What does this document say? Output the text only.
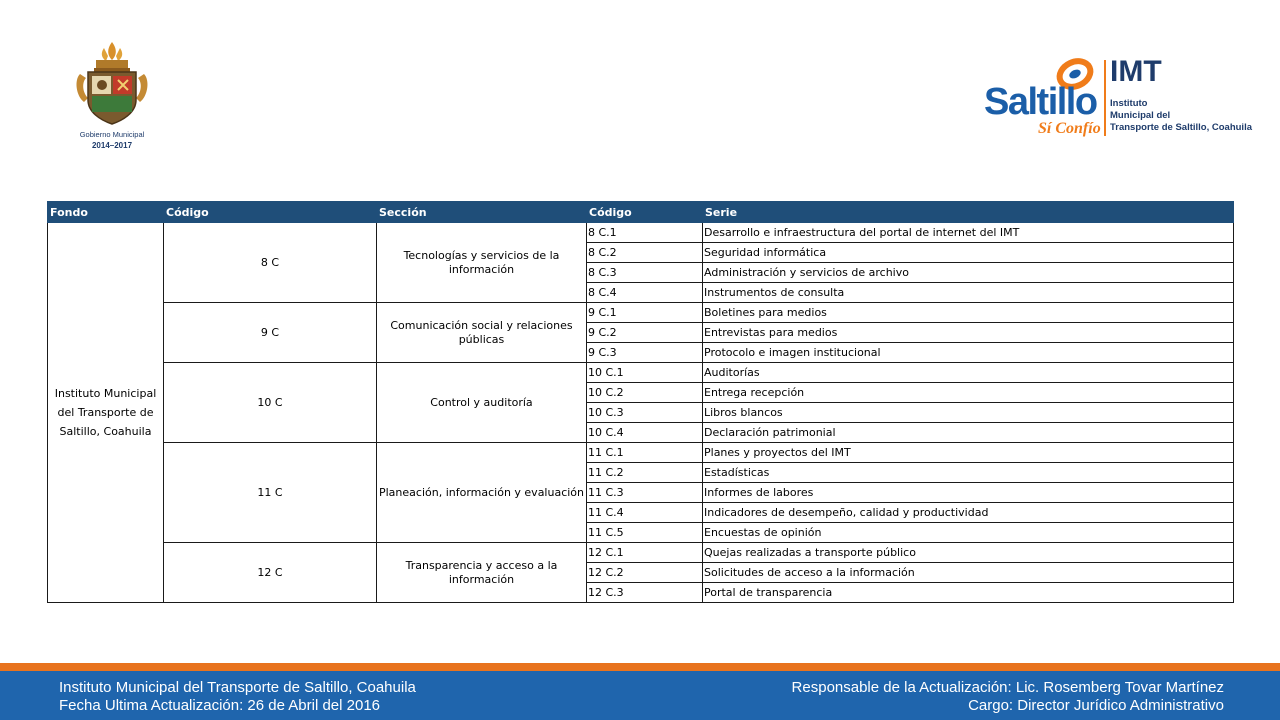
Gobierno Municipal
2014–2017
Saltillo
Sí Confío
IMT
Instituto
Municipal del
Transporte de Saltillo, Coahuila
Fondo	Código	Sección	Código	Serie
Instituto Municipal del Transporte de Saltillo, Coahuila	8 C	Tecnologías y servicios de la información	8 C.1	Desarrollo e infraestructura del portal de internet del IMT
			8 C.2	Seguridad informática
			8 C.3	Administración y servicios de archivo
			8 C.4	Instrumentos de consulta
	9 C	Comunicación social y relaciones públicas	9 C.1	Boletines para medios
			9 C.2	Entrevistas para medios
			9 C.3	Protocolo e imagen institucional
	10 C	Control y auditoría	10 C.1	Auditorías
			10 C.2	Entrega recepción
			10 C.3	Libros blancos
			10 C.4	Declaración patrimonial
	11 C	Planeación, información y evaluación	11 C.1	Planes y proyectos del IMT
			11 C.2	Estadísticas
			11 C.3	Informes de labores
			11 C.4	Indicadores de desempeño, calidad y productividad
			11 C.5	Encuestas de opinión
	12 C	Transparencia y acceso a la información	12 C.1	Quejas realizadas a transporte público
			12 C.2	Solicitudes de acceso a la información
			12 C.3	Portal de transparencia
Instituto Municipal del Transporte de Saltillo, Coahuila
Fecha Ultima Actualización: 26 de Abril del 2016
Responsable de la Actualización: Lic. Rosemberg Tovar Martínez
Cargo: Director Jurídico Administrativo
